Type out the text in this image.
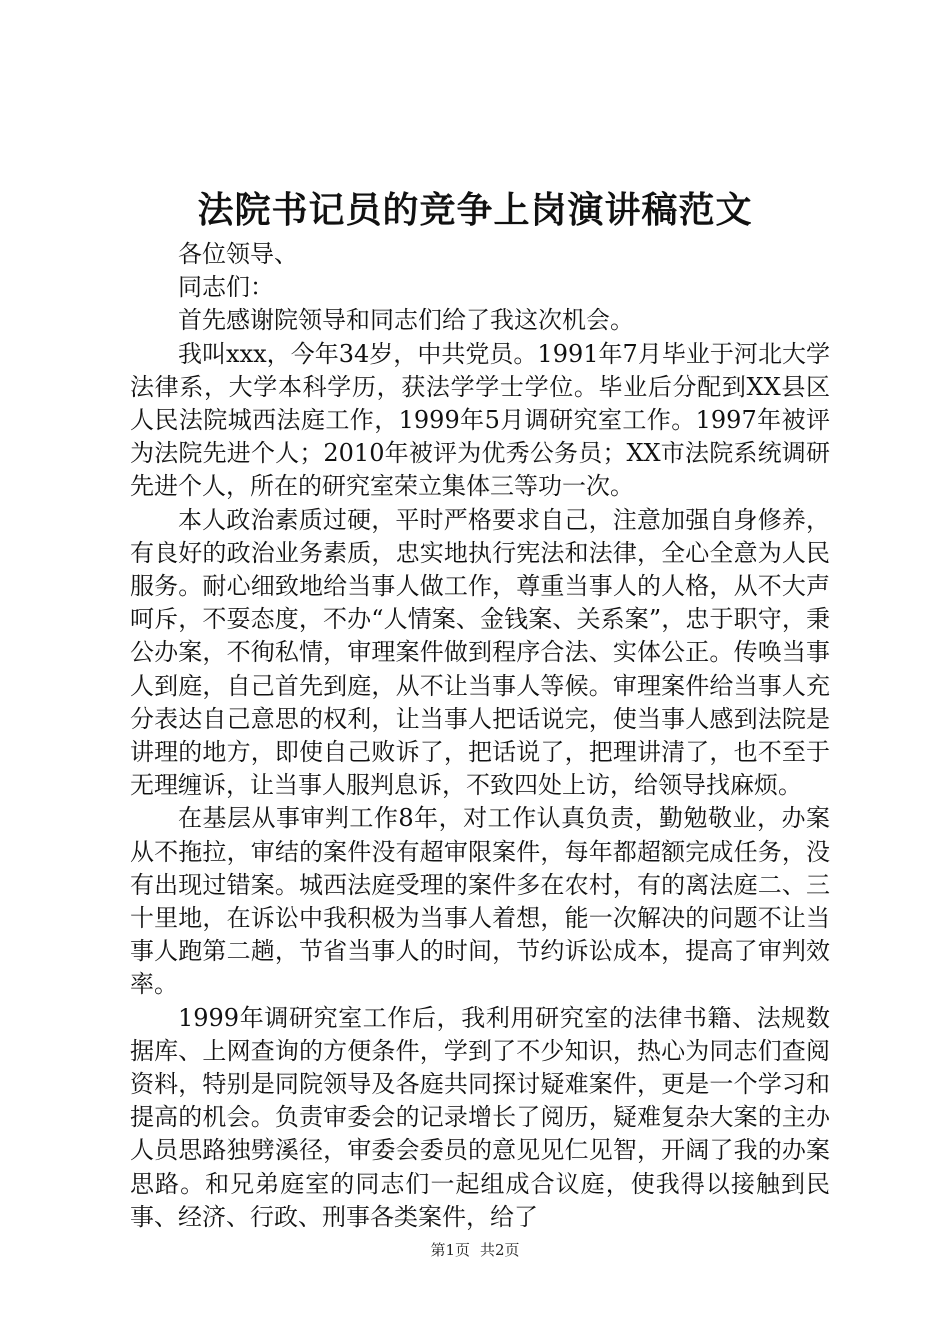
法院书记员的竞争上岗演讲稿范文

各位领导、

同志们：

首先感谢院领导和同志们给了我这次机会。

我叫xxx，今年34岁，中共党员。1991年7月毕业于河北大学法律系，大学本科学历，获法学学士学位。毕业后分配到XX县区人民法院城西法庭工作，1999年5月调研究室工作。1997年被评为法院先进个人；2010年被评为优秀公务员；XX市法院系统调研先进个人，所在的研究室荣立集体三等功一次。

本人政治素质过硬，平时严格要求自己，注意加强自身修养，有良好的政治业务素质，忠实地执行宪法和法律，全心全意为人民服务。耐心细致地给当事人做工作，尊重当事人的人格，从不大声呵斥，不耍态度，不办“人情案、金钱案、关系案”，忠于职守，秉公办案，不徇私情，审理案件做到程序合法、实体公正。传唤当事人到庭，自己首先到庭，从不让当事人等候。审理案件给当事人充分表达自己意思的权利，让当事人把话说完，使当事人感到法院是讲理的地方，即使自己败诉了，把话说了，把理讲清了，也不至于无理缠诉，让当事人服判息诉，不致四处上访，给领导找麻烦。

在基层从事审判工作8年，对工作认真负责，勤勉敬业，办案从不拖拉，审结的案件没有超审限案件，每年都超额完成任务，没有出现过错案。城西法庭受理的案件多在农村，有的离法庭二、三十里地，在诉讼中我积极为当事人着想，能一次解决的问题不让当事人跑第二趟，节省当事人的时间，节约诉讼成本，提高了审判效率。

1999年调研究室工作后，我利用研究室的法律书籍、法规数据库、上网查询的方便条件，学到了不少知识，热心为同志们查阅资料，特别是同院领导及各庭共同探讨疑难案件，更是一个学习和提高的机会。负责审委会的记录增长了阅历，疑难复杂大案的主办人员思路独劈溪径，审委会委员的意见见仁见智，开阔了我的办案思路。和兄弟庭室的同志们一起组成合议庭，使我得以接触到民事、经济、行政、刑事各类案件，给了

第1页 共2页
